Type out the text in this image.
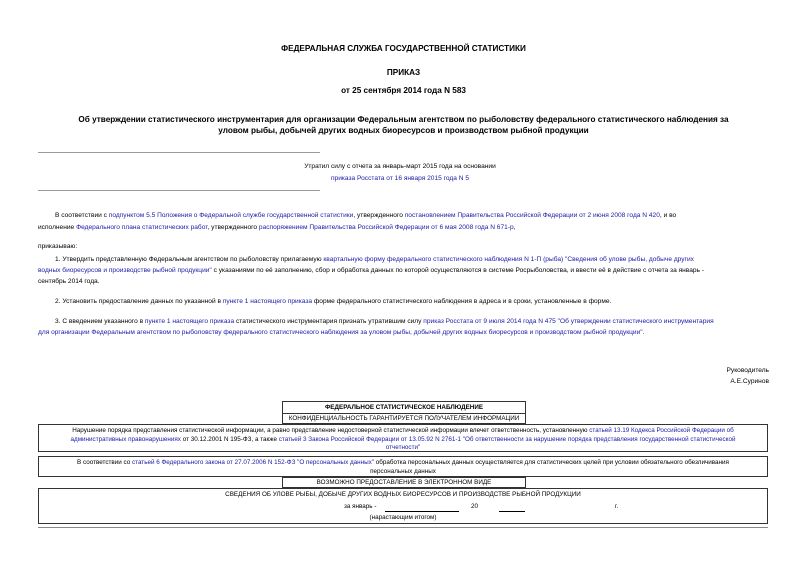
ФЕДЕРАЛЬНАЯ СЛУЖБА ГОСУДАРСТВЕННОЙ СТАТИСТИКИ
ПРИКАЗ
от 25 сентября 2014 года N 583
Об утверждении статистического инструментария для организации Федеральным агентством по рыболовству федерального статистического наблюдения за
уловом рыбы, добычей других водных биоресурсов и производством рыбной продукции
Утратил силу с отчета за январь-март 2015 года на основании
приказа Росстата от 16 января 2015 года N 5
В соответствии с подпунктом 5.5 Положения о Федеральной службе государственной статистики, утвержденного постановлением Правительства Российской Федерации от 2 июня 2008 года N 420, и во
исполнение Федерального плана статистических работ, утвержденного распоряжением Правительства Российской Федерации от 6 мая 2008 года N 671-р,
приказываю:
1. Утвердить представленную Федеральным агентством по рыболовству прилагаемую квартальную форму федерального статистического наблюдения N 1-П (рыба) "Сведения об улове рыбы, добыче других
водных биоресурсов и производстве рыбной продукции" с указаниями по её заполнению, сбор и обработка данных по которой осуществляются в системе Росрыболовства, и ввести её в действие с отчета за январь -
сентябрь 2014 года.
2. Установить предоставление данных по указанной в пункте 1 настоящего приказа форме федерального статистического наблюдения в адреса и в сроки, установленные в форме.
3. С введением указанного в пункте 1 настоящего приказа статистического инструментария признать утратившим силу приказ Росстата от 9 июля 2014 года N 475 "Об утверждении статистического инструментария
для организации Федеральным агентством по рыболовству федерального статистического наблюдения за уловом рыбы, добычей других водных биоресурсов и производством рыбной продукции".
Руководитель
А.Е.Суринов
ФЕДЕРАЛЬНОЕ СТАТИСТИЧЕСКОЕ НАБЛЮДЕНИЕ
КОНФИДЕНЦИАЛЬНОСТЬ ГАРАНТИРУЕТСЯ ПОЛУЧАТЕЛЕМ ИНФОРМАЦИИ
Нарушение порядка представления статистической информации, а равно представление недостоверной статистической информации влечет ответственность, установленную статьей 13.19 Кодекса Российской Федерации об
административных правонарушениях от 30.12.2001 N 195-ФЗ, а также статьей 3 Закона Российской Федерации от 13.05.92 N 2761-1 "Об ответственности за нарушение порядка представления государственной статистической
отчетности"
В соответствии со статьей 6 Федерального закона от 27.07.2006 N 152-ФЗ "О персональных данных" обработка персональных данных осуществляется для статистических целей при условии обязательного обезличивания
персональных данных
ВОЗМОЖНО ПРЕДОСТАВЛЕНИЕ В ЭЛЕКТРОННОМ ВИДЕ
СВЕДЕНИЯ ОБ УЛОВЕ РЫБЫ, ДОБЫЧЕ ДРУГИХ ВОДНЫХ БИОРЕСУРСОВ И ПРОИЗВОДСТВЕ РЫБНОЙ ПРОДУКЦИИ
за январь -	20	г.
(нарастающим итогом)
